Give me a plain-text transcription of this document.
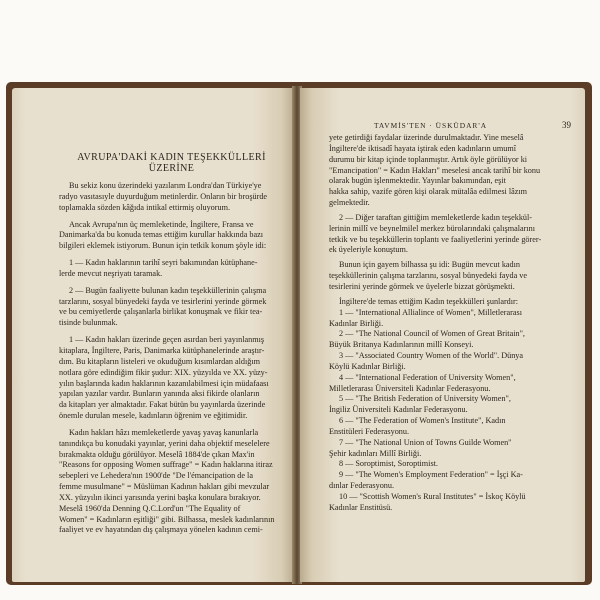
AVRUPA'DAKİ KADIN TEŞEKKÜLLERİ ÜZERİNE
Bu sekiz konu üzerindeki yazılarım Londra'dan Türkiye'ye
radyo vasıtasıyle duyurduğum metinlerdir. Onların bir broşürde
toplamakla sözden kâğıda intikal ettirmiş oluyorum.
Ancak Avrupa'nın üç memleketinde, İngiltere, Fransa ve
Danimarka'da bu konuda temas ettiğim kurullar hakkında bazı
bilgileri eklemek istiyorum. Bunun için tetkik konum şöyle idi:
1 — Kadın haklarının tarihî seyri bakımından kütüphane-
lerde mevcut neşriyatı taramak.
2 — Bugün faaliyette bulunan kadın teşekküllerinin çalışma
tarzlarını, sosyal bünyedeki fayda ve tesirlerini yerinde görmek
ve bu cemiyetlerde çalışanlarla birlikat konuşmak ve fikir tea-
tisinde bulunmak.
1 — Kadın hakları üzerinde geçen asırdan beri yayınlanmış
kitaplara, İngiltere, Paris, Danimarka kütüphanelerinde araştır-
dım. Bu kitapların listeleri ve okuduğum kısımlardan aldığım
notlara göre edindiğim fikir şudur: XIX. yüzyılda ve XX. yüzy-
yılın başlarında kadın haklarının kazanılabilmesi için müdafaası
yapılan yazılar vardır. Bunların yanında aksi fikirde olanların
da kitapları yer almaktadır. Fakat bütün bu yayınlarda üzerinde
önemle durulan mesele, kadınların öğrenim ve eğitimidir.
Kadın hakları hâzı memleketlerde yavaş yavaş kanunlarla
tanındıkça bu konudaki yayınlar, yerini daha objektif meselelere
bırakmakta olduğu görülüyor. Meselâ 1884'de çıkan Max'in
"Reasons for opposing Women suffrage" = Kadın haklarına itiraz
sebepleri ve Lehedera'nın 1900'de "De l'émancipation de la
femme musulmane" = Müslüman Kadının hakları gibi mevzular
XX. yüzyılın ikinci yarısında yerini başka konulara bırakıyor.
Meselâ 1960'da Denning Q.C.Lord'un "The Equality of
Women" = Kadınların eşitliği" gibi. Bilhassa, meslek kadınlarının
faaliyet ve ev hayatından dış çalışmaya yönelen kadının cemi-
TAVMİS'TEN · ÜSKÜDAR'A	39
yete getirdiği faydalar üzerinde durulmaktadır. Yine meselâ
İngiltere'de iktisadî hayata iştirak eden kadınların umumî
durumu bir kitap içinde toplanmıştır. Artık öyle görülüyor ki
"Emancipation" = Kadın Hakları" meselesi ancak tarihî bir konu
olarak bugün işlenmektedir. Yayınlar bakımından, eşit
hakka sahip, vazife gören kişi olarak mütalâa edilmesi lâzım
gelmektedir.
2 — Diğer taraftan gittiğim memleketlerde kadın teşekkül-
lerinin millî ve beynelmilel merkez bürolarındaki çalışmalarını
tetkik ve bu teşekküllerin toplantı ve faaliyetlerini yerinde görer-
ek üyeleriyle konuştum.
Bunun için gayem bilhassa şu idi: Bugün mevcut kadın
teşekküllerinin çalışma tarzlarını, sosyal bünyedeki fayda ve
tesirlerini yerinde görmek ve üyelerle bizzat görüşmekti.
İngiltere'de temas ettiğim Kadın teşekkülleri şunlardır:
1 — "International Allialince of Women", Milletlerarası
Kadınlar Birliği.
2 — "The National Council of Women of Great Britain",
Büyük Britanya Kadınlarının millî Konseyi.
3 — "Associated Country Women of the World". Dünya
Köylü Kadınlar Birliği.
4 — "International Federation of University Women",
Milletlerarası Üniversiteli Kadınlar Federasyonu.
5 — "The British Federation of University Women",
İngiliz Üniversiteli Kadınlar Federasyonu.
6 — "The Federation of Women's Institute", Kadın
Enstitüleri Federasyonu.
7 — "The National Union of Towns Guilde Women"
Şehir kadınları Millî Birliği.
8 — Soroptimist, Soroptimist.
9 — "The Women's Employment Federation" = İşçi Ka-
dınlar Federasyonu.
10 — "Scottish Women's Rural Institutes" = İskoç Köylü
Kadınlar Enstitüsü.
